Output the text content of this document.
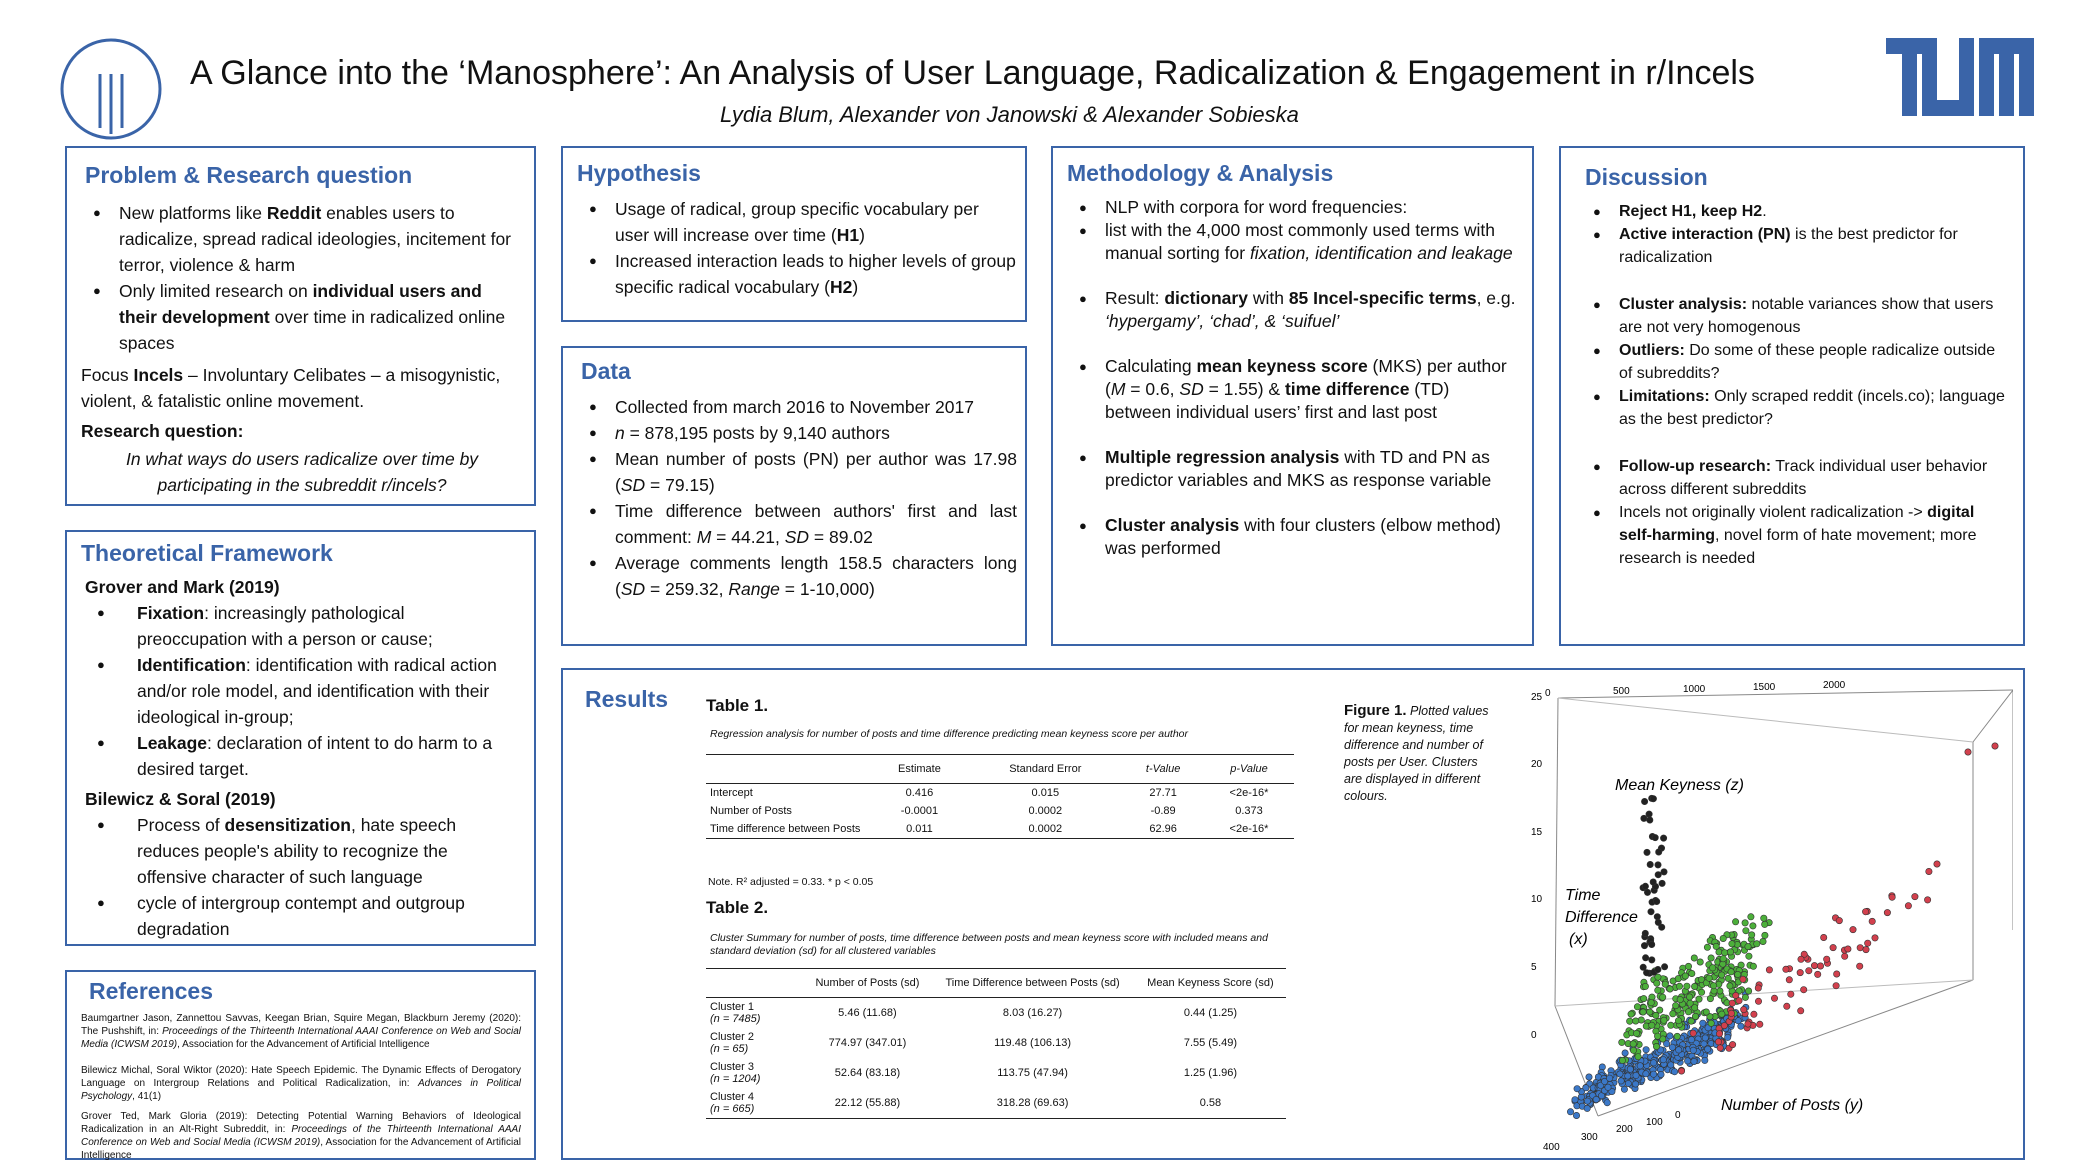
A Glance into the ‘Manosphere’: An Analysis of User Language, Radicalization & Engagement in r/Incels
Lydia Blum, Alexander von Janowski & Alexander Sobieska
Problem & Research question
● New platforms like Reddit enables users to radicalize, spread radical ideologies, incitement for terror, violence & harm
● Only limited research on individual users and their development over time in radicalized online spaces
Focus Incels – Involuntary Celibates – a misogynistic, violent, & fatalistic online movement.
Research question:
In what ways do users radicalize over time by participating in the subreddit r/incels?
Theoretical Framework
Grover and Mark (2019)
● Fixation: increasingly pathological preoccupation with a person or cause;
● Identification: identification with radical action and/or role model, and identification with their ideological in-group;
● Leakage: declaration of intent to do harm to a desired target.
Bilewicz & Soral (2019)
● Process of desensitization, hate speech reduces people's ability to recognize the offensive character of such language
● cycle of intergroup contempt and outgroup degradation
References
Baumgartner Jason, Zannettou Savvas, Keegan Brian, Squire Megan, Blackburn Jeremy (2020): The Pushshift, in: Proceedings of the Thirteenth International AAAI Conference on Web and Social Media (ICWSM 2019), Association for the Advancement of Artificial Intelligence
Bilewicz Michal, Soral Wiktor (2020): Hate Speech Epidemic. The Dynamic Effects of Derogatory Language on Intergroup Relations and Political Radicalization, in: Advances in Political Psychology, 41(1)
Grover Ted, Mark Gloria (2019): Detecting Potential Warning Behaviors of Ideological Radicalization in an Alt-Right Subreddit, in: Proceedings of the Thirteenth International AAAI Conference on Web and Social Media (ICWSM 2019), Association for the Advancement of Artificial Intelligence
Hypothesis
● Usage of radical, group specific vocabulary per user will increase over time (H1)
● Increased interaction leads to higher levels of group specific radical vocabulary (H2)
Data
● Collected from march 2016 to November 2017
● n = 878,195 posts by 9,140 authors
● Mean number of posts (PN) per author was 17.98 (SD = 79.15)
● Time difference between authors' first and last comment: M = 44.21, SD = 89.02
● Average comments length 158.5 characters long (SD = 259.32, Range = 1-10,000)
Methodology & Analysis
● NLP with corpora for word frequencies:
● list with the 4,000 most commonly used terms with manual sorting for fixation, identification and leakage
● Result: dictionary with 85 Incel-specific terms, e.g. ‘hypergamy’, ‘chad’, & ‘suifuel’
● Calculating mean keyness score (MKS) per author (M = 0.6, SD = 1.55) & time difference (TD) between individual users’ first and last post
● Multiple regression analysis with TD and PN as predictor variables and MKS as response variable
● Cluster analysis with four clusters (elbow method) was performed
Discussion
● Reject H1, keep H2.
● Active interaction (PN) is the best predictor for radicalization
● Cluster analysis: notable variances show that users are not very homogenous
● Outliers: Do some of these people radicalize outside of subreddits?
● Limitations: Only scraped reddit (incels.co); language as the best predictor?
● Follow-up research: Track individual user behavior across different subreddits
● Incels not originally violent radicalization -> digital self-harming, novel form of hate movement; more research is needed
Results Table 1.
Regression analysis for number of posts and time difference predicting mean keyness score per author
	Estimate	Standard Error	t-Value	p-Value
Intercept	0.416	0.015	27.71	<2e-16*
Number of Posts	-0.0001	0.0002	-0.89	0.373
Time difference between Posts	0.011	0.0002	62.96	<2e-16*
Note. R² adjusted = 0.33. * p < 0.05
Table 2.
Cluster Summary for number of posts, time difference between posts and mean keyness score with included means and standard deviation (sd) for all clustered variables
	Number of Posts (sd)	Time Difference between Posts (sd)	Mean Keyness Score (sd)
Cluster 1
(n = 7485)	5.46 (11.68)	8.03 (16.27)	0.44 (1.25)
Cluster 2
(n = 65)	774.97 (347.01)	119.48 (106.13)	7.55 (5.49)
Cluster 3
(n = 1204)	52.64 (83.18)	113.75 (47.94)	1.25 (1.96)
Cluster 4
(n = 665)	22.12 (55.88)	318.28 (69.63)	0.58
Figure 1. Plotted values for mean keyness, time difference and number of posts per User. Clusters are displayed in different colours.
0	500	1000	1500	2000
25
20
15
10
5
0
400
300
200
100
0
Mean Keyness (z)
Time
Difference
(x)
Number of Posts (y)
